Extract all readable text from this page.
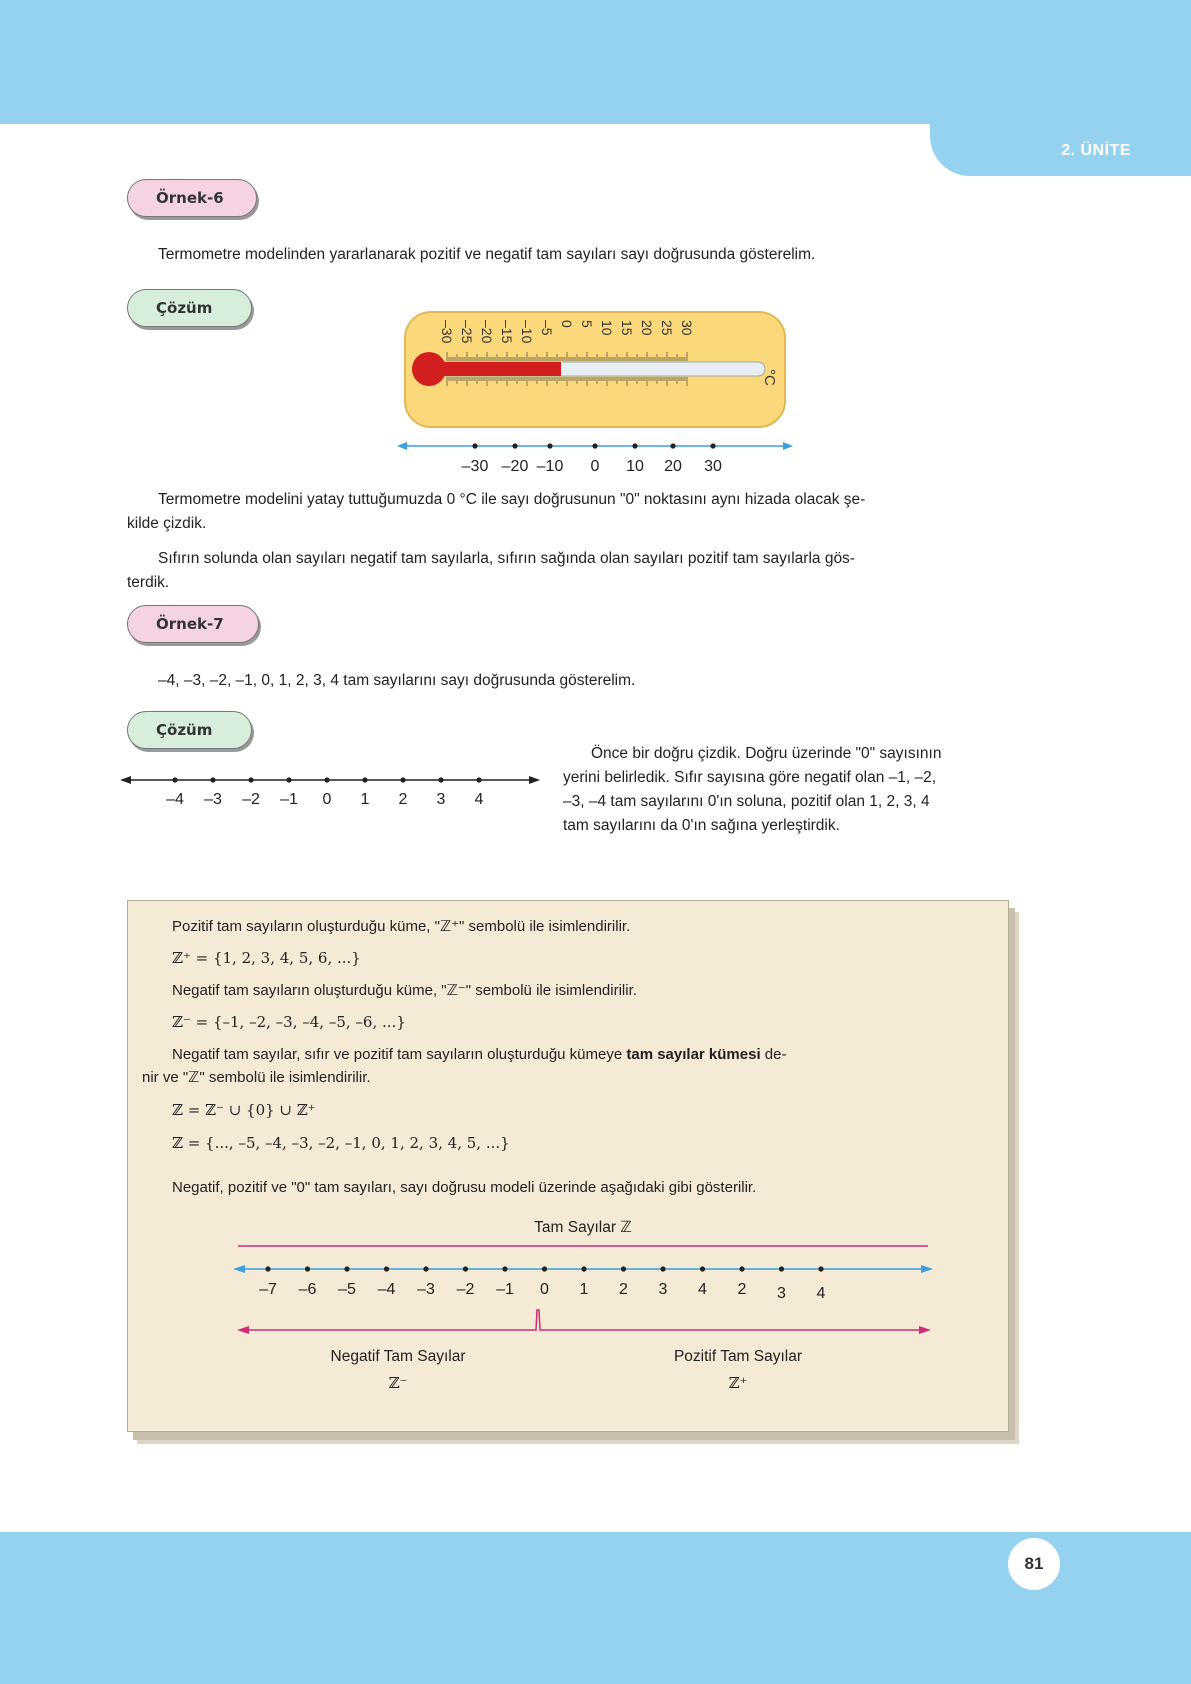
2. ÜNİTE
Örnek-6
Termometre modelinden yararlanarak pozitif ve negatif tam sayıları sayı doğrusunda gösterelim.
Çözüm
–30 –25 –20 –15 –10 –5 0 5 10 15 20 25 30
°C
–30 –20 –10 0 10 20 30
Termometre modelini yatay tuttuğumuzda 0 °C ile sayı doğrusunun "0" noktasını aynı hizada olacak şe-
kilde çizdik.
Sıfırın solunda olan sayıları negatif tam sayılarla, sıfırın sağında olan sayıları pozitif tam sayılarla gös-
terdik.
Örnek-7
–4, –3, –2, –1, 0, 1, 2, 3, 4 tam sayılarını sayı doğrusunda gösterelim.
Çözüm
–4 –3 –2 –1 0 1 2 3 4
Önce bir doğru çizdik. Doğru üzerinde "0" sayısının
yerini belirledik. Sıfır sayısına göre negatif olan –1, –2,
–3, –4 tam sayılarını 0'ın soluna, pozitif olan 1, 2, 3, 4
tam sayılarını da 0'ın sağına yerleştirdik.
Pozitif tam sayıların oluşturduğu küme, "ℤ⁺" sembolü ile isimlendirilir.
ℤ⁺ = {1, 2, 3, 4, 5, 6, ...}
Negatif tam sayıların oluşturduğu küme, "ℤ⁻" sembolü ile isimlendirilir.
ℤ⁻ = {–1, –2, –3, –4, –5, –6, ...}
Negatif tam sayılar, sıfır ve pozitif tam sayıların oluşturduğu kümeye tam sayılar kümesi de-
nir ve "ℤ" sembolü ile isimlendirilir.
ℤ = ℤ⁻ ∪ {0} ∪ ℤ⁺
ℤ = {..., –5, –4, –3, –2, –1, 0, 1, 2, 3, 4, 5, ...}
Negatif, pozitif ve "0" tam sayıları, sayı doğrusu modeli üzerinde aşağıdaki gibi gösterilir.
Tam Sayılar ℤ
–7 –6 –5 –4 –3 –2 –1 0 1 2 3 4 2 3 4
Negatif Tam Sayılar
ℤ⁻
Pozitif Tam Sayılar
ℤ⁺
81
